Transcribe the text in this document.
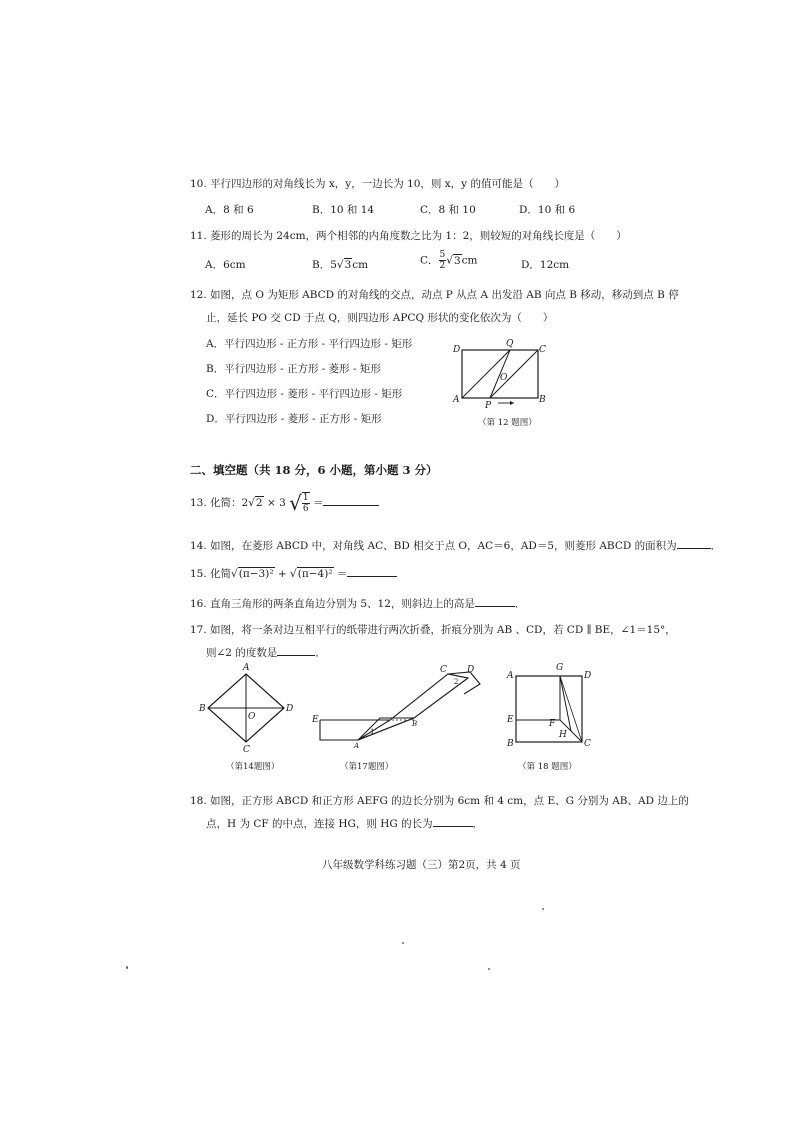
10. 平行四边形的对角线长为 x，y，一边长为 10，则 x，y 的值可能是（　　）
A．8 和 6	B．10 和 14	C．8 和 10	D．10 和 6
11. 菱形的周长为 24cm，两个相邻的内角度数之比为 1：2，则较短的对角线长度是（　　）
A．6cm	B．5√3cm	C． $\frac{5}{2} √3cm$	D．12cm
12. 如图，点 O 为矩形 ABCD 的对角线的交点，动点 P 从点 A 出发沿 AB 向点 B 移动，移动到点 B 停
止，延长 PO 交 CD 于点 Q，则四边形 APCQ 形状的变化依次为（　　）
A．平行四边形 - 正方形 - 平行四边形 - 矩形
B．平行四边形 - 正方形 - 菱形 - 矩形
C．平行四边形 - 菱形 - 平行四边形 - 矩形
D．平行四边形 - 菱形 - 正方形 - 矩形
D
Q
C
O
A
P
B
（第 12 题图）
二、填空题（共 18 分，6 小题，第小题 3 分）
13. 化简：2√2 × 3 √ $\frac{1}{6}$ ＝
14. 如图，在菱形 ABCD 中，对角线 AC、BD 相交于点 O，AC＝6，AD＝5，则菱形 ABCD 的面积为	．
15. 化简√(π−3)² + √(π−4)² ＝
16. 直角三角形的两条直角边分别为 5、12，则斜边上的高是	．
17. 如图，将一条对边互相平行的纸带进行两次折叠，折痕分别为 AB 、CD，若 CD ∥ BE，∠1＝15°，
则∠2 的度数是	．
A
B
C
D
O
（第14题图）
C D
2
E	B
1
A
（第17题图）
A
G
D
E	F
H
B	C
（第 18 题图）
18. 如图，正方形 ABCD 和正方形 AEFG 的边长分别为 6cm 和 4 cm，点 E、G 分别为 AB、AD 边上的
点，H 为 CF 的中点，连接 HG，则 HG 的长为	．
八年级数学科练习题（三）第2页，共 4 页
